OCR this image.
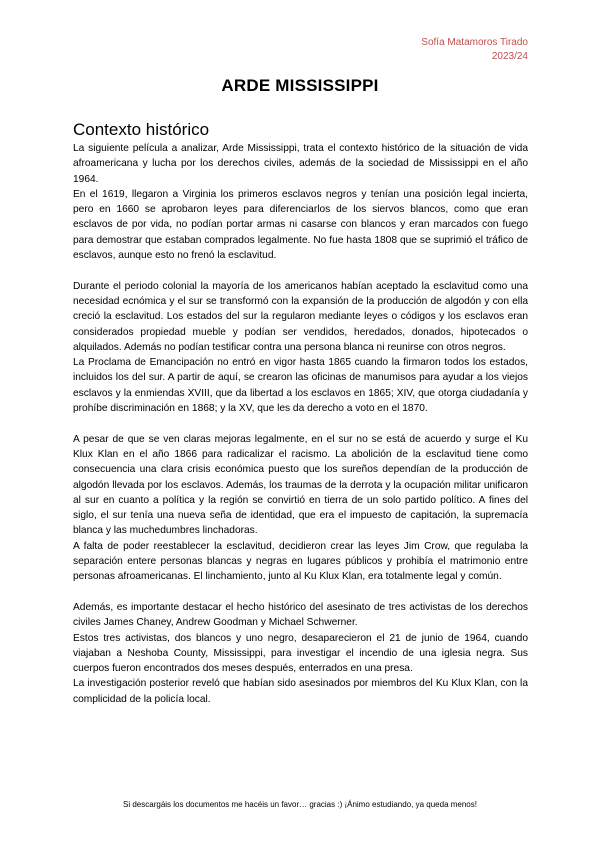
Sofía Matamoros Tirado
2023/24
ARDE MISSISSIPPI
Contexto histórico

La siguiente película a analizar, Arde Mississippi, trata el contexto histórico de la situación de vida afroamericana y lucha por los derechos civiles, además de la sociedad de Mississippi en el año 1964.

En el 1619, llegaron a Virginia los primeros esclavos negros y tenían una posición legal incierta, pero en 1660 se aprobaron leyes para diferenciarlos de los siervos blancos, como que eran esclavos de por vida, no podían portar armas ni casarse con blancos y eran marcados con fuego para demostrar que estaban comprados legalmente. No fue hasta 1808 que se suprimió el tráfico de esclavos, aunque esto no frenó la esclavitud.

Durante el periodo colonial la mayoría de los americanos habían aceptado la esclavitud como una necesidad ecnómica y el sur se transformó con la expansión de la producción de algodón y con ella creció la esclavitud. Los estados del sur la regularon mediante leyes o códigos y los esclavos eran considerados propiedad mueble y podían ser vendidos, heredados, donados, hipotecados o alquilados. Además no podían testificar contra una persona blanca ni reunirse con otros negros.

La Proclama de Emancipación no entró en vigor hasta 1865 cuando la firmaron todos los estados, incluidos los del sur. A partir de aquí, se crearon las oficinas de manumisos para ayudar a los viejos esclavos y la enmiendas XVIII, que da libertad a los esclavos en 1865; XIV, que otorga ciudadanía y prohíbe discriminación en 1868; y la XV, que les da derecho a voto en el 1870.

A pesar de que se ven claras mejoras legalmente, en el sur no se está de acuerdo y surge el Ku Klux Klan en el año 1866 para radicalizar el racismo. La abolición de la esclavitud tiene como consecuencia una clara crisis económica puesto que los sureños dependían de la producción de algodón llevada por los esclavos. Además, los traumas de la derrota y la ocupación militar unificaron al sur en cuanto a política y la región se convirtió en tierra de un solo partido político. A fines del siglo, el sur tenía una nueva seña de identidad, que era el impuesto de capitación, la supremacía blanca y las muchedumbres linchadoras.

A falta de poder reestablecer la esclavitud, decidieron crear las leyes Jim Crow, que regulaba la separación entere personas blancas y negras en lugares públicos y prohibía el matrimonio entre personas afroamericanas. El linchamiento, junto al Ku Klux Klan, era totalmente legal y común.

Además, es importante destacar el hecho histórico del asesinato de tres activistas de los derechos civiles James Chaney, Andrew Goodman y Michael Schwerner.

Estos tres activistas, dos blancos y uno negro, desaparecieron el 21 de junio de 1964, cuando viajaban a Neshoba County, Mississippi, para investigar el incendio de una iglesia negra. Sus cuerpos fueron encontrados dos meses después, enterrados en una presa.

La investigación posterior reveló que habían sido asesinados por miembros del Ku Klux Klan, con la complicidad de la policía local.

Si descargáis los documentos me hacéis un favor… gracias :) ¡Ánimo estudiando, ya queda menos!
